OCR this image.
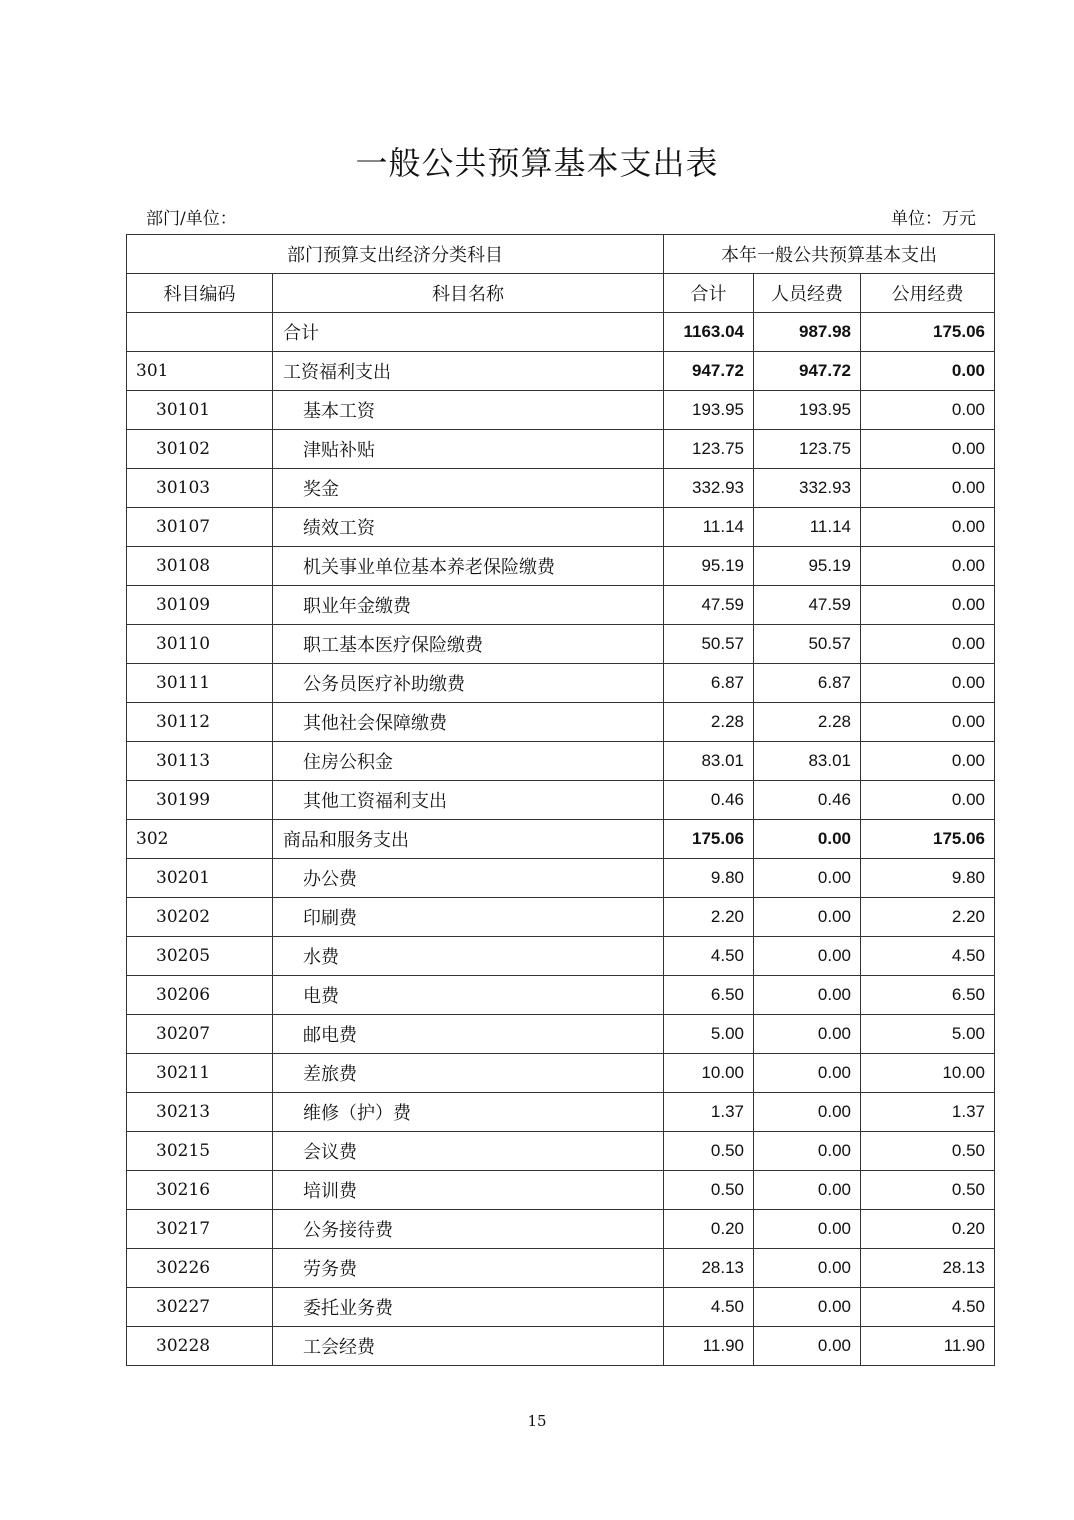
一般公共预算基本支出表
部门/单位：	单位：万元
部门预算支出经济分类科目		本年一般公共预算基本支出		
科目编码	科目名称	合计	人员经费	公用经费
	合计	1163.04	987.98	175.06
301	工资福利支出	947.72	947.72	0.00
30101	基本工资	193.95	193.95	0.00
30102	津贴补贴	123.75	123.75	0.00
30103	奖金	332.93	332.93	0.00
30107	绩效工资	11.14	11.14	0.00
30108	机关事业单位基本养老保险缴费	95.19	95.19	0.00
30109	职业年金缴费	47.59	47.59	0.00
30110	职工基本医疗保险缴费	50.57	50.57	0.00
30111	公务员医疗补助缴费	6.87	6.87	0.00
30112	其他社会保障缴费	2.28	2.28	0.00
30113	住房公积金	83.01	83.01	0.00
30199	其他工资福利支出	0.46	0.46	0.00
302	商品和服务支出	175.06	0.00	175.06
30201	办公费	9.80	0.00	9.80
30202	印刷费	2.20	0.00	2.20
30205	水费	4.50	0.00	4.50
30206	电费	6.50	0.00	6.50
30207	邮电费	5.00	0.00	5.00
30211	差旅费	10.00	0.00	10.00
30213	维修（护）费	1.37	0.00	1.37
30215	会议费	0.50	0.00	0.50
30216	培训费	0.50	0.00	0.50
30217	公务接待费	0.20	0.00	0.20
30226	劳务费	28.13	0.00	28.13
30227	委托业务费	4.50	0.00	4.50
30228	工会经费	11.90	0.00	11.90
15
